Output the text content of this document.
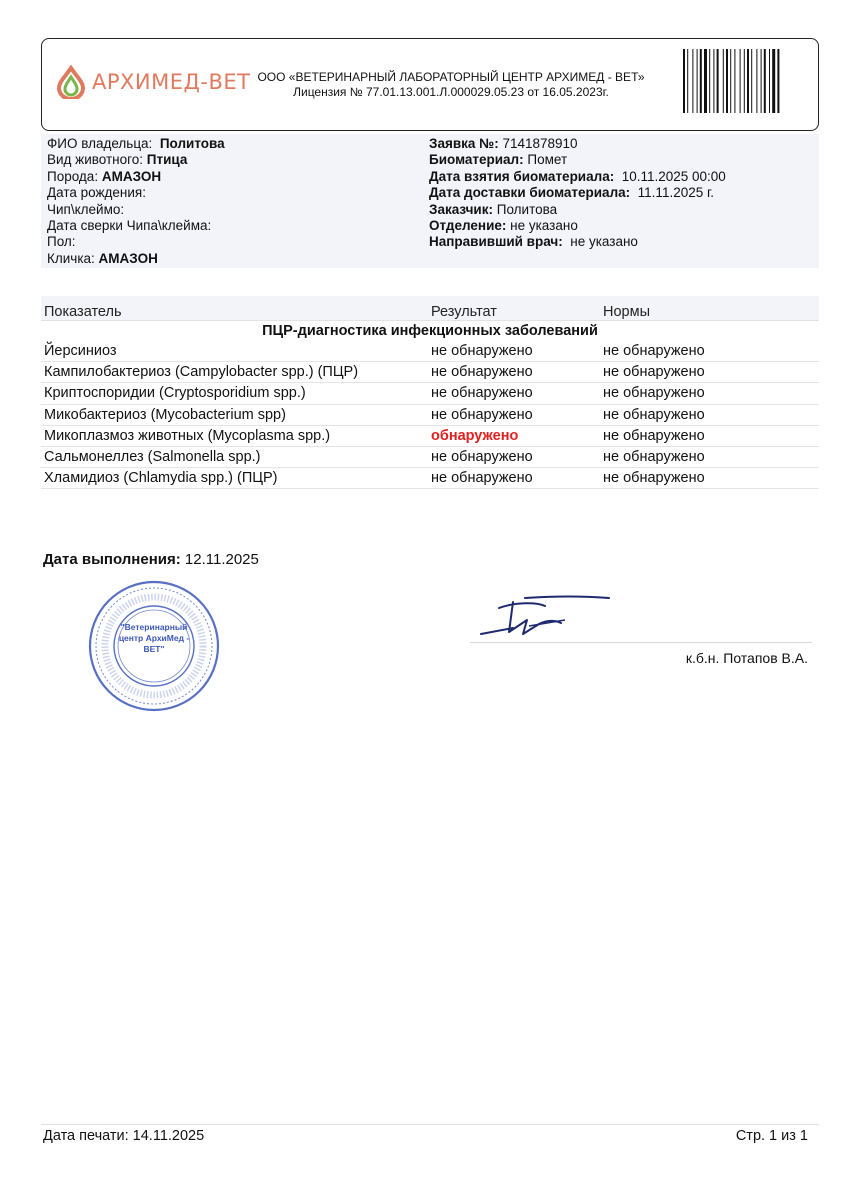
АРХИМЕД-ВЕТ ООО «ВЕТЕРИНАРНЫЙ ЛАБОРАТОРНЫЙ ЦЕНТР АРХИМЕД - ВЕТ»
Лицензия № 77.01.13.001.Л.000029.05.23 от 16.05.2023г.
ФИО владельца: Политова
Вид животного: Птица
Порода: АМАЗОН
Дата рождения:
Чип\клеймо:
Дата сверки Чипа\клейма:
Пол:
Кличка: АМАЗОН
Заявка №: 7141878910
Биоматериал: Помет
Дата взятия биоматериала: 10.11.2025 00:00
Дата доставки биоматериала: 11.11.2025 г.
Заказчик: Политова
Отделение: не указано
Направивший врач: не указано
Показатель	Результат	Нормы
ПЦР-диагностика инфекционных заболеваний
Йерсиниоз	не обнаружено	не обнаружено
Кампилобактериоз (Campylobacter spp.) (ПЦР)	не обнаружено	не обнаружено
Криптоспоридии (Cryptosporidium spp.)	не обнаружено	не обнаружено
Микобактериоз (Mycobacterium spp)	не обнаружено	не обнаружено
Микоплазмоз животных (Mycoplasma spp.)	обнаружено	не обнаружено
Сальмонеллез (Salmonella spp.)	не обнаружено	не обнаружено
Хламидиоз (Chlamydia spp.) (ПЦР)	не обнаружено	не обнаружено
Дата выполнения: 12.11.2025
"Ветеринарный центр АрхиМед - ВЕТ"
к.б.н. Потапов В.А.
Дата печати: 14.11.2025	Стр. 1 из 1
